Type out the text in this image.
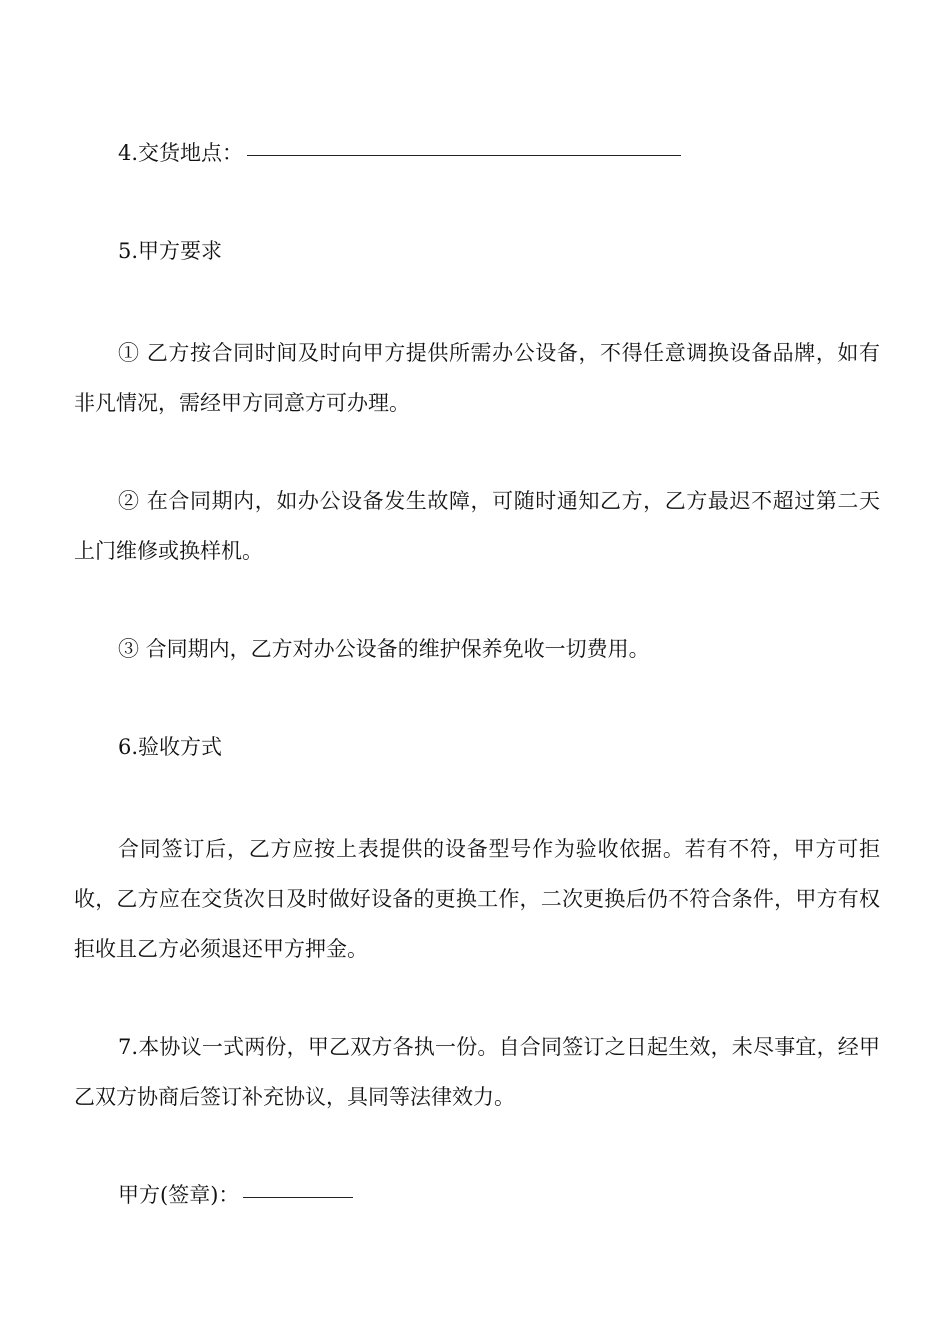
4.交货地点：
5.甲方要求
① 乙方按合同时间及时向甲方提供所需办公设备，不得任意调换设备品牌，如有非凡情况，需经甲方同意方可办理。
② 在合同期内，如办公设备发生故障，可随时通知乙方，乙方最迟不超过第二天上门维修或换样机。
③ 合同期内，乙方对办公设备的维护保养免收一切费用。
6.验收方式
合同签订后，乙方应按上表提供的设备型号作为验收依据。若有不符，甲方可拒收，乙方应在交货次日及时做好设备的更换工作，二次更换后仍不符合条件，甲方有权拒收且乙方必须退还甲方押金。
7.本协议一式两份，甲乙双方各执一份。自合同签订之日起生效，未尽事宜，经甲乙双方协商后签订补充协议，具同等法律效力。
甲方(签章)：
